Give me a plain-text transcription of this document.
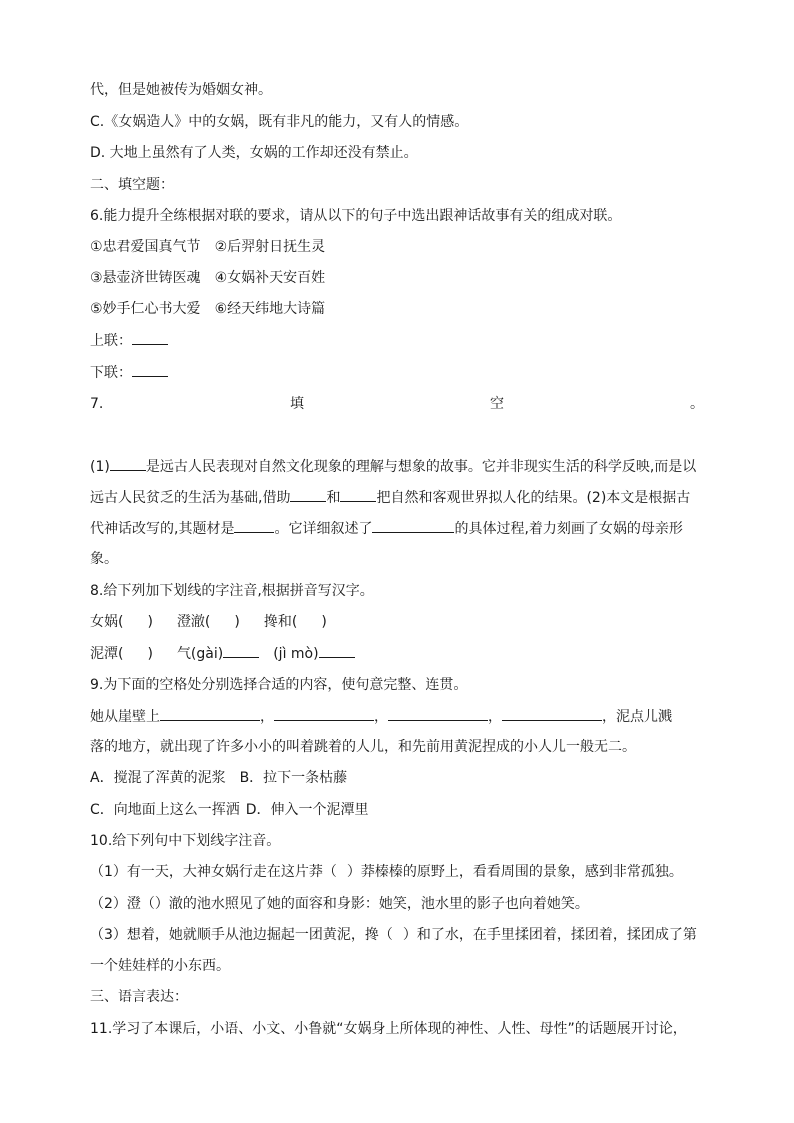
代，但是她被传为婚姻女神。
C.《女娲造人》中的女娲，既有非凡的能力，又有人的情感。
D. 大地上虽然有了人类，女娲的工作却还没有禁止。
二、填空题：
6.能力提升全练根据对联的要求，请从以下的句子中选出跟神话故事有关的组成对联。
①忠君爱国真气节 ②后羿射日抚生灵
③悬壶济世铸医魂 ④女娲补天安百姓
⑤妙手仁心书大爱 ⑥经天纬地大诗篇
上联：
下联：
7.	填	空	。
(1)	是远古人民表现对自然文化现象的理解与想象的故事。它并非现实生活的科学反映,而是以
远古人民贫乏的生活为基础,借助	和	把自然和客观世界拟人化的结果。(2)本文是根据古
代神话改写的,其题材是	。它详细叙述了	的具体过程,着力刻画了女娲的母亲形
象。
8.给下列加下划线的字注音,根据拼音写汉字。
女娲( ) 澄澈( ) 搀和( )
泥潭( ) 气(gài)	(jì mò)
9.为下面的空格处分别选择合适的内容，使句意完整、连贯。
她从崖壁上	，	，	，	，泥点儿溅
落的地方，就出现了许多小小的叫着跳着的人儿，和先前用黄泥捏成的小人儿一般无二。
A．搅混了浑黄的泥浆 B．拉下一条枯藤
C．向地面上这么一挥洒 D．伸入一个泥潭里
10.给下列句中下划线字注音。
（1）有一天，大神女娲行走在这片莽（ ）莽榛榛的原野上，看看周围的景象，感到非常孤独。
（2）澄（）澈的池水照见了她的面容和身影：她笑，池水里的影子也向着她笑。
（3）想着，她就顺手从池边掘起一团黄泥，搀（ ）和了水，在手里揉团着，揉团着，揉团成了第
一个娃娃样的小东西。
三、语言表达：
11.学习了本课后，小语、小文、小鲁就“女娲身上所体现的神性、人性、母性”的话题展开讨论，
